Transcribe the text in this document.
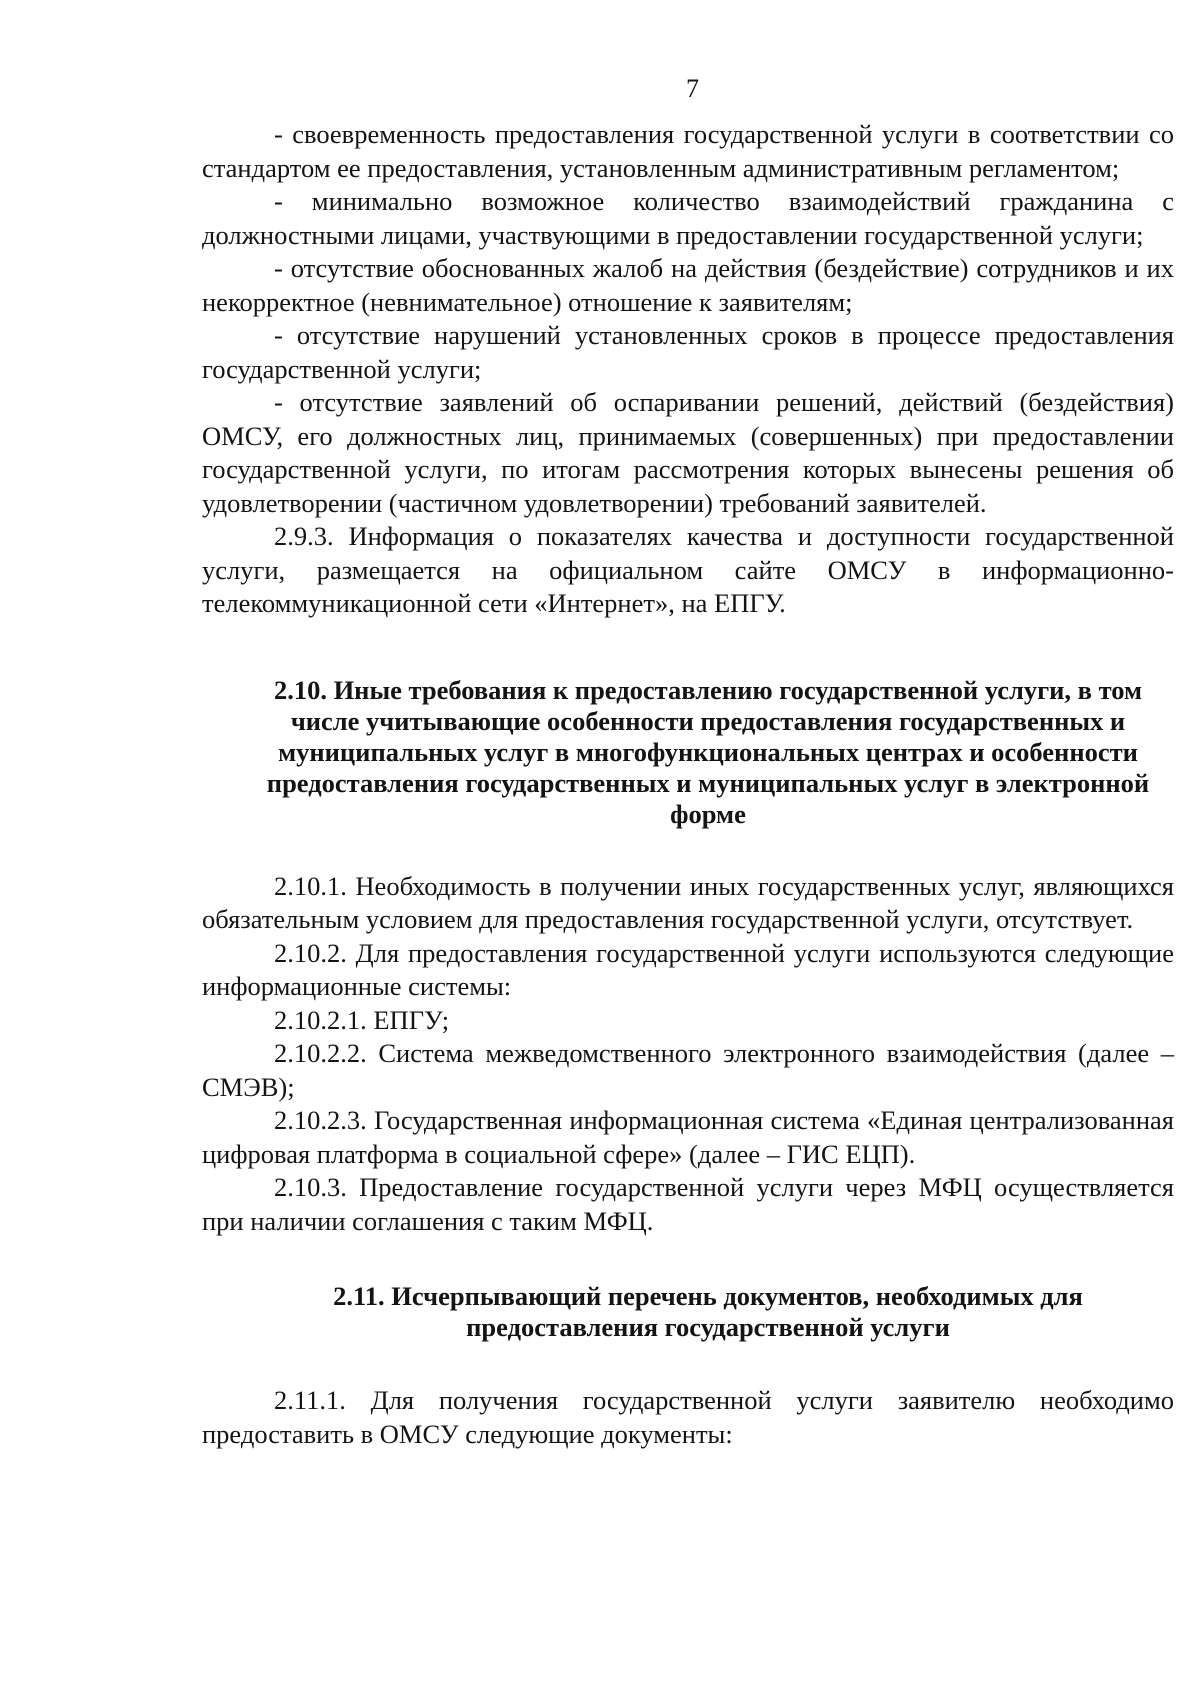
7

- своевременность предоставления государственной услуги в соответствии со стандартом ее предоставления, установленным административным регламентом;

- минимально возможное количество взаимодействий гражданина с должностными лицами, участвующими в предоставлении государственной услуги;

- отсутствие обоснованных жалоб на действия (бездействие) сотрудников и их некорректное (невнимательное) отношение к заявителям;

- отсутствие нарушений установленных сроков в процессе предоставления государственной услуги;

- отсутствие заявлений об оспаривании решений, действий (бездействия) ОМСУ, его должностных лиц, принимаемых (совершенных) при предоставлении государственной услуги, по итогам рассмотрения которых вынесены решения об удовлетворении (частичном удовлетворении) требований заявителей.

2.9.3. Информация о показателях качества и доступности государственной услуги, размещается на официальном сайте ОМСУ в информационно-телекоммуникационной сети «Интернет», на ЕПГУ.

2.10. Иные требования к предоставлению государственной услуги, в том числе учитывающие особенности предоставления государственных и муниципальных услуг в многофункциональных центрах и особенности предоставления государственных и муниципальных услуг в электронной форме

2.10.1. Необходимость в получении иных государственных услуг, являющихся обязательным условием для предоставления государственной услуги, отсутствует.

2.10.2. Для предоставления государственной услуги используются следующие информационные системы:

2.10.2.1. ЕПГУ;

2.10.2.2. Система межведомственного электронного взаимодействия (далее – СМЭВ);

2.10.2.3. Государственная информационная система «Единая централизованная цифровая платформа в социальной сфере» (далее – ГИС ЕЦП).

2.10.3. Предоставление государственной услуги через МФЦ осуществляется при наличии соглашения с таким МФЦ.

2.11. Исчерпывающий перечень документов, необходимых для предоставления государственной услуги

2.11.1. Для получения государственной услуги заявителю необходимо предоставить в ОМСУ следующие документы:
